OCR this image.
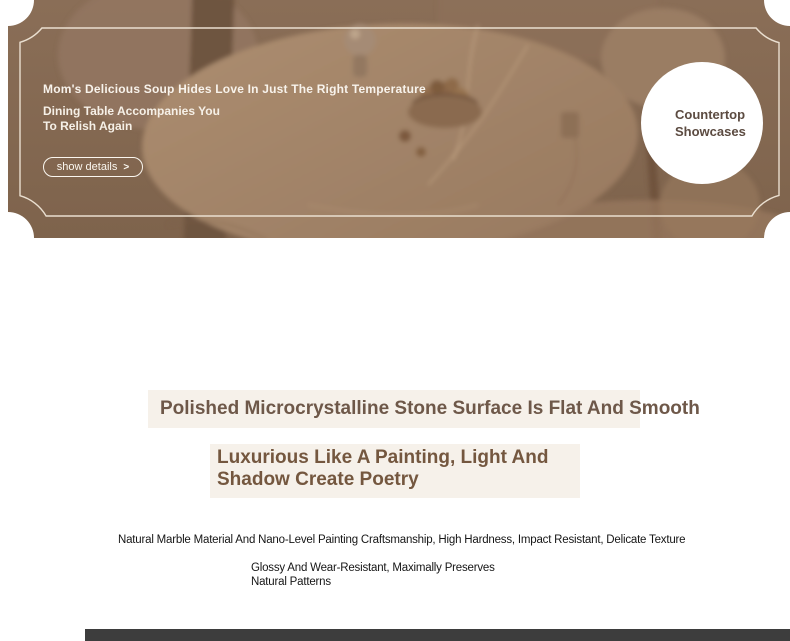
Mom's Delicious Soup Hides Love In Just The Right Temperature
Dining Table Accompanies You
To Relish Again
show details >
Countertop
Showcases
Polished Microcrystalline Stone Surface Is Flat And Smooth
Luxurious Like A Painting, Light And
Shadow Create Poetry
Natural Marble Material And Nano-Level Painting Craftsmanship, High Hardness, Impact Resistant, Delicate Texture
Glossy And Wear-Resistant, Maximally Preserves
Natural Patterns
